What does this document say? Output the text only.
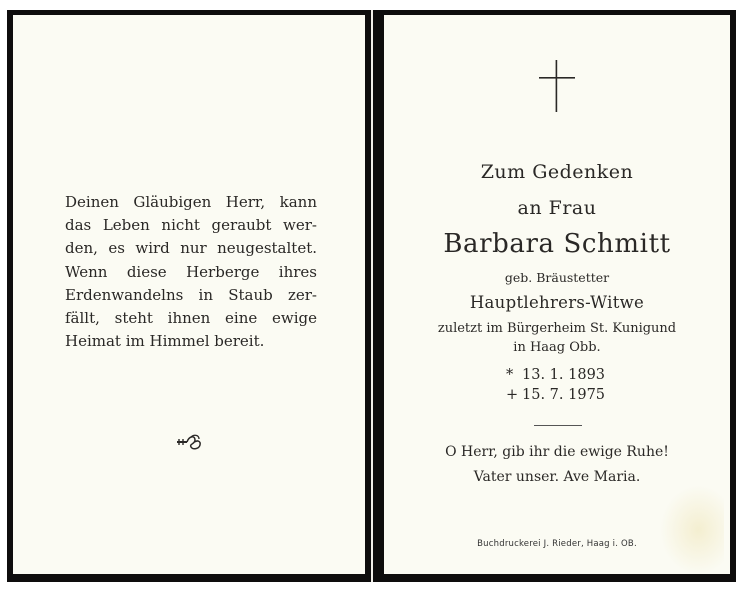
Deinen Gläubigen Herr, kann
das Leben nicht geraubt wer-
den, es wird nur neugestaltet.
Wenn diese Herberge ihres
Erdenwandelns in Staub zer-
fällt, steht ihnen eine ewige
Heimat im Himmel bereit.
Zum Gedenken
an Frau
Barbara Schmitt
geb. Bräustetter
Hauptlehrers-Witwe
zuletzt im Bürgerheim St. Kunigund
in Haag Obb.
* 13. 1. 1893
+ 15. 7. 1975
O Herr, gib ihr die ewige Ruhe!
Vater unser. Ave Maria.
Buchdruckerei J. Rieder, Haag i. OB.
